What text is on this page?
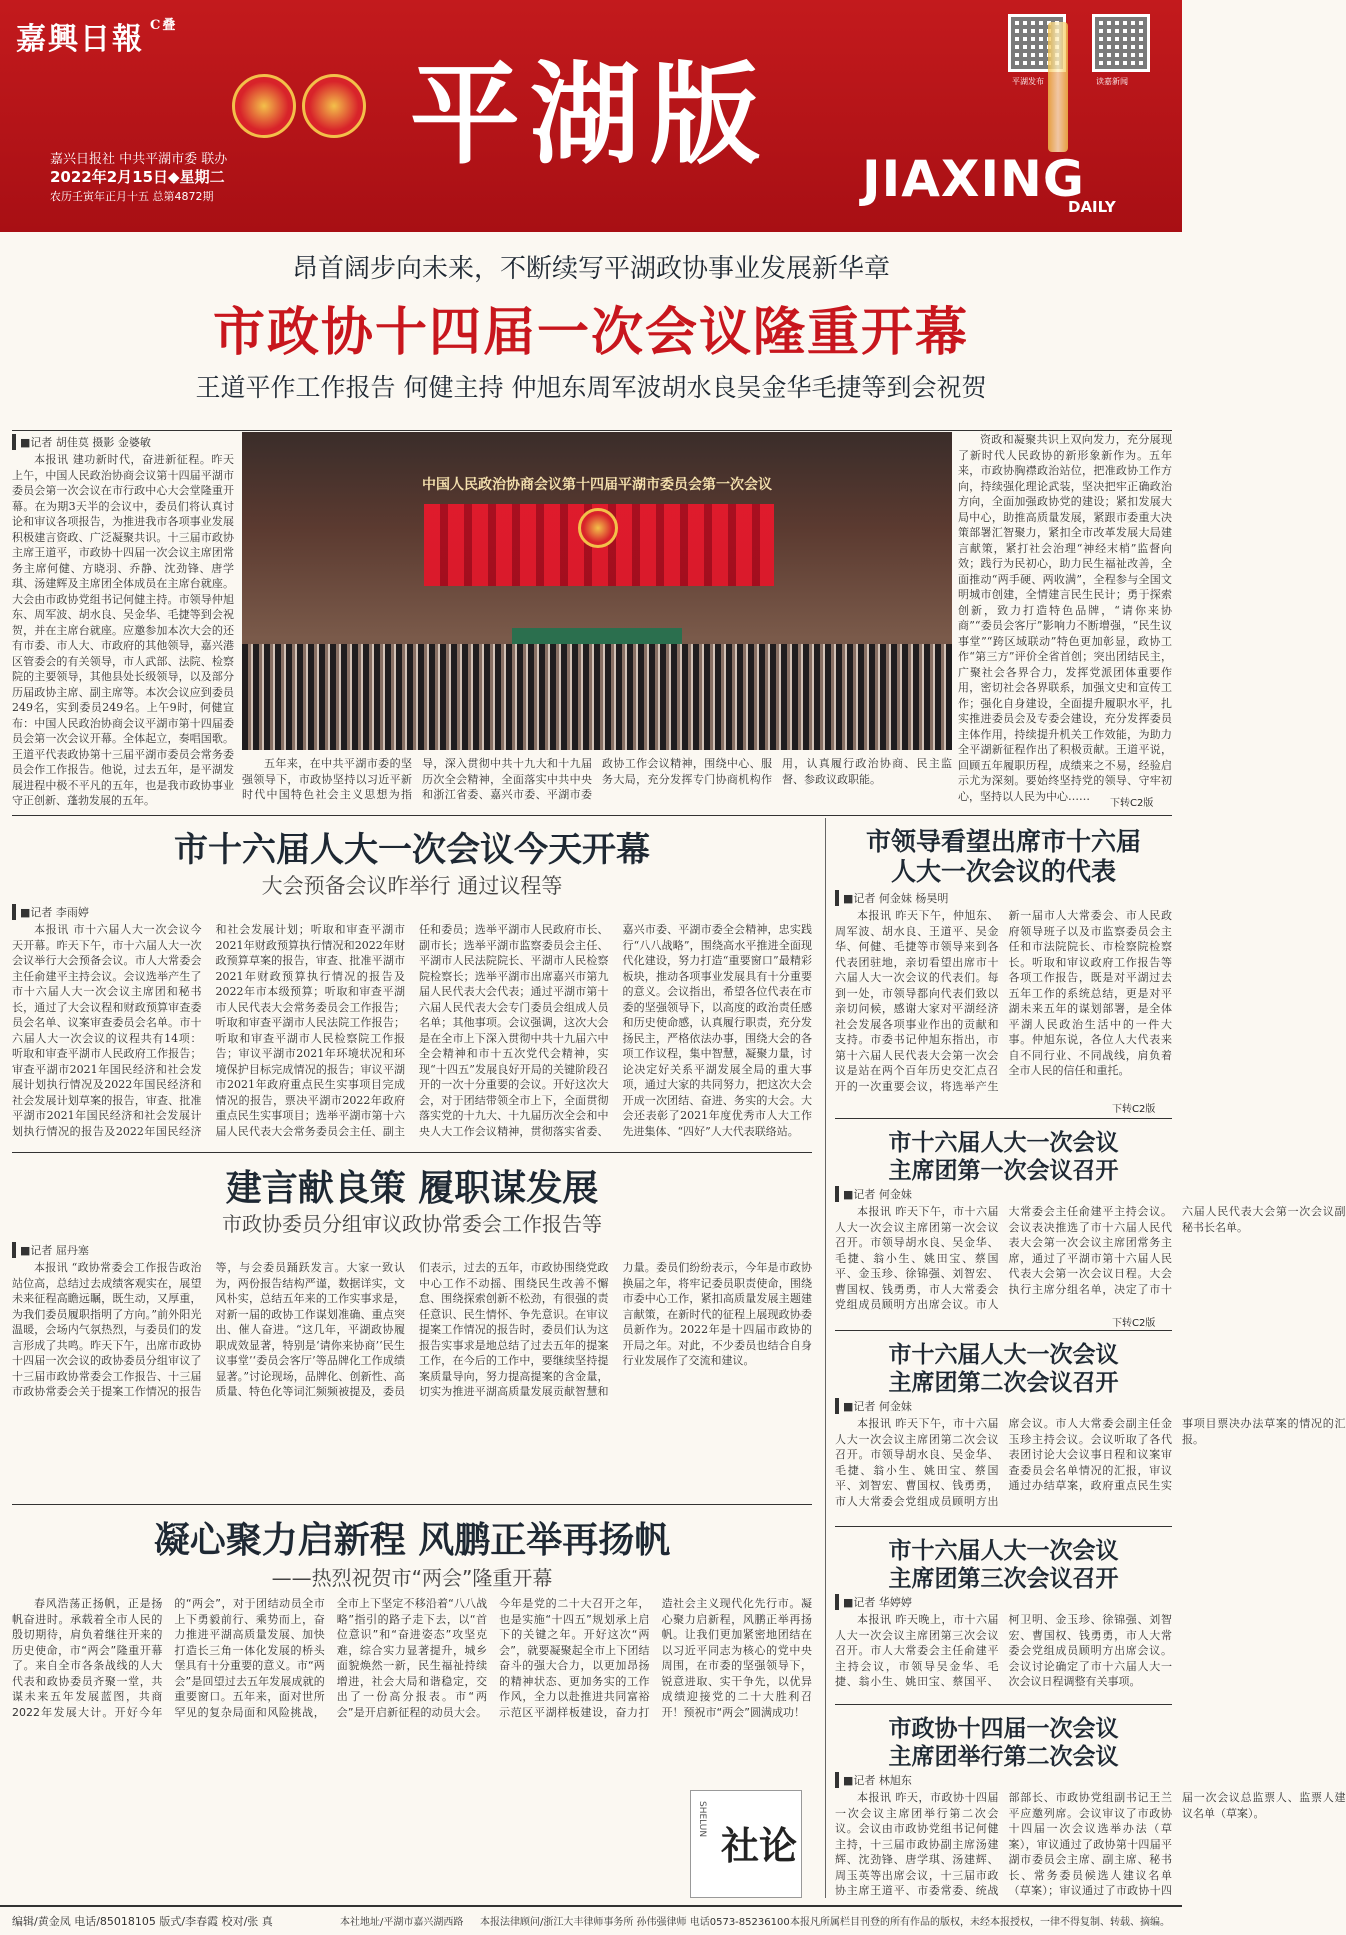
嘉興日報 $^{C叠}$
平湖版
嘉兴日报社 中共平湖市委 联办
2022年2月15日◆星期二
农历壬寅年正月十五 总第4872期
平湖发布	读嘉新闻
JIAXING
DAILY
昂首阔步向未来，不断续写平湖政协事业发展新华章
市政协十四届一次会议隆重开幕
王道平作工作报告 何健主持 仲旭东周军波胡水良吴金华毛捷等到会祝贺
■记者 胡佳莫 摄影 金婆敏
本报讯 建功新时代，奋进新征程。昨天上午，中国人民政治协商会议第十四届平湖市委员会第一次会议在市行政中心大会堂隆重开幕。在为期3天半的会议中，委员们将认真讨论和审议各项报告，为推进我市各项事业发展积极建言资政、广泛凝聚共识。十三届市政协主席王道平，市政协十四届一次会议主席团常务主席何健、方晓羽、乔静、沈劲锋、唐学琪、汤建辉及主席团全体成员在主席台就座。大会由市政协党组书记何健主持。市领导仲旭东、周军波、胡水良、吴金华、毛捷等到会祝贺，并在主席台就座。应邀参加本次大会的还有市委、市人大、市政府的其他领导，嘉兴港区管委会的有关领导，市人武部、法院、检察院的主要领导，其他县处长级领导，以及部分历届政协主席、副主席等。本次会议应到委员249名，实到委员249名。上午9时，何健宣布：中国人民政治协商会议平湖市第十四届委员会第一次会议开幕。全体起立，奏唱国歌。王道平代表政协第十三届平湖市委员会常务委员会作工作报告。他说，过去五年，是平湖发展进程中极不平凡的五年，也是我市政协事业守正创新、蓬勃发展的五年。
中国人民政治协商会议第十四届平湖市委员会第一次会议
五年来，在中共平湖市委的坚强领导下，市政协坚持以习近平新时代中国特色社会主义思想为指导，深入贯彻中共十九大和十九届历次全会精神，全面落实中共中央和浙江省委、嘉兴市委、平湖市委政协工作会议精神，围绕中心、服务大局，充分发挥专门协商机构作用，认真履行政治协商、民主监督、参政议政职能。
资政和凝聚共识上双向发力，充分展现了新时代人民政协的新形象新作为。五年来，市政协胸襟政治站位，把准政协工作方向，持续强化理论武装，坚决把牢正确政治方向，全面加强政协党的建设；紧扣发展大局中心，助推高质量发展，紧跟市委重大决策部署汇智聚力，紧扣全市改革发展大局建言献策，紧打社会治理“神经末梢”监督向效；践行为民初心，助力民生福祉改善，全面推动“两手硬、两收满”，全程参与全国文明城市创建，全情建言民生民计；勇于探索创新，致力打造特色品牌，“请你来协商”“委员会客厅”影响力不断增强，“民生议事堂”“跨区域联动”特色更加彰显，政协工作“第三方”评价全省首创；突出团结民主，广聚社会各界合力，发挥党派团体重要作用，密切社会各界联系，加强文史和宣传工作；强化自身建设，全面提升履职水平，扎实推进委员会及专委会建设，充分发挥委员主体作用，持续提升机关工作效能，为助力全平湖新征程作出了积极贡献。王道平说，回顾五年履职历程，成绩来之不易，经验启示尤为深刻。要始终坚持党的领导、守牢初心，坚持以人民为中心……
下转C2版
市十六届人大一次会议今天开幕
大会预备会议昨举行 通过议程等
■记者 李雨婷
本报讯 市十六届人大一次会议今天开幕。昨天下午，市十六届人大一次会议举行大会预备会议。市人大常委会主任俞建平主持会议。会议选举产生了市十六届人大一次会议主席团和秘书长，通过了大会议程和财政预算审查委员会名单、议案审查委员会名单。市十六届人大一次会议的议程共有14项：听取和审查平湖市人民政府工作报告；审查平湖市2021年国民经济和社会发展计划执行情况及2022年国民经济和社会发展计划草案的报告，审查、批准平湖市2021年国民经济和社会发展计划执行情况的报告及2022年国民经济和社会发展计划；听取和审查平湖市2021年财政预算执行情况和2022年财政预算草案的报告，审查、批准平湖市2021年财政预算执行情况的报告及2022年市本级预算；听取和审查平湖市人民代表大会常务委员会工作报告；听取和审查平湖市人民法院工作报告；听取和审查平湖市人民检察院工作报告；审议平湖市2021年环境状况和环境保护目标完成情况的报告；审议平湖市2021年政府重点民生实事项目完成情况的报告，票决平湖市2022年政府重点民生实事项目；选举平湖市第十六届人民代表大会常务委员会主任、副主任和委员；选举平湖市人民政府市长、副市长；选举平湖市监察委员会主任、平湖市人民法院院长、平湖市人民检察院检察长；选举平湖市出席嘉兴市第九届人民代表大会代表；通过平湖市第十六届人民代表大会专门委员会组成人员名单；其他事项。会议强调，这次大会是在全市上下深入贯彻中共十九届六中全会精神和市十五次党代会精神，实现“十四五”发展良好开局的关键阶段召开的一次十分重要的会议。开好这次大会，对于团结带领全市上下，全面贯彻落实党的十九大、十九届历次全会和中央人大工作会议精神，贯彻落实省委、嘉兴市委、平湖市委全会精神，忠实践行“八八战略”，围绕高水平推进全面现代化建设，努力打造“重要窗口”最精彩板块，推动各项事业发展具有十分重要的意义。会议指出，希望各位代表在市委的坚强领导下，以高度的政治责任感和历史使命感，认真履行职责，充分发扬民主，严格依法办事，围绕大会的各项工作议程，集中智慧，凝聚力量，讨论决定好关系平湖发展全局的重大事项，通过大家的共同努力，把这次大会开成一次团结、奋进、务实的大会。大会还表彰了2021年度优秀市人大工作先进集体、“四好”人大代表联络站。
市领导看望出席市十六届
人大一次会议的代表
■记者 何金妹 杨昊明
本报讯 昨天下午，仲旭东、周军波、胡水良、王道平、吴金华、何健、毛捷等市领导来到各代表团驻地，亲切看望出席市十六届人大一次会议的代表们。每到一处，市领导都向代表们致以亲切问候，感谢大家对平湖经济社会发展各项事业作出的贡献和支持。市委书记仲旭东指出，市第十六届人民代表大会第一次会议是站在两个百年历史交汇点召开的一次重要会议，将选举产生新一届市人大常委会、市人民政府领导班子以及市监察委员会主任和市法院院长、市检察院检察长。听取和审议政府工作报告等各项工作报告，既是对平湖过去五年工作的系统总结，更是对平湖未来五年的谋划部署，是全体平湖人民政治生活中的一件大事。仲旭东说，各位人大代表来自不同行业、不同战线，肩负着全市人民的信任和重托。
下转C2版
市十六届人大一次会议
主席团第一次会议召开
■记者 何金妹
本报讯 昨天下午，市十六届人大一次会议主席团第一次会议召开。市领导胡水良、吴金华、毛捷、翁小生、姚田宝、蔡国平、金玉珍、徐锦强、刘智宏、曹国权、钱勇勇，市人大常委会党组成员顾明方出席会议。市人大常委会主任俞建平主持会议。会议表决推选了市十六届人民代表大会第一次会议主席团常务主席，通过了平湖市第十六届人民代表大会第一次会议日程。大会执行主席分组名单，决定了市十六届人民代表大会第一次会议副秘书长名单。
下转C2版
市十六届人大一次会议
主席团第二次会议召开
■记者 何金妹
本报讯 昨天下午，市十六届人大一次会议主席团第二次会议召开。市领导胡水良、吴金华、毛捷、翁小生、姚田宝、蔡国平、刘智宏、曹国权、钱勇勇，市人大常委会党组成员顾明方出席会议。市人大常委会副主任金玉珍主持会议。会议听取了各代表团讨论大会议事日程和议案审查委员会名单情况的汇报，审议通过办结草案，政府重点民生实事项目票决办法草案的情况的汇报。
市十六届人大一次会议
主席团第三次会议召开
■记者 华婷婷
本报讯 昨天晚上，市十六届人大一次会议主席团第三次会议召开。市人大常委会主任俞建平主持会议，市领导吴金华、毛捷、翁小生、姚田宝、蔡国平、柯卫明、金玉珍、徐锦强、刘智宏、曹国权、钱勇勇，市人大常委会党组成员顾明方出席会议。会议讨论确定了市十六届人大一次会议日程调整有关事项。
市政协十四届一次会议
主席团举行第二次会议
■记者 林旭东
本报讯 昨天，市政协十四届一次会议主席团举行第二次会议。会议由市政协党组书记何健主持，十三届市政协副主席汤建辉、沈劲锋、唐学琪、汤建辉、周玉英等出席会议，十三届市政协主席王道平、市委常委、统战部部长、市政协党组副书记王兰平应邀列席。会议审议了市政协十四届一次会议选举办法（草案），审议通过了政协第十四届平湖市委员会主席、副主席、秘书长、常务委员候选人建议名单（草案）；审议通过了市政协十四届一次会议总监票人、监票人建议名单（草案）。
建言献良策 履职谋发展
市政协委员分组审议政协常委会工作报告等
■记者 屈丹塞
本报讯 “政协常委会工作报告政治站位高，总结过去成绩客观实在，展望未来征程高瞻远瞩，既生动，又厚重，为我们委员履职指明了方向。”前外阳光温暖，会场内气氛热烈，与委员们的发言形成了共鸣。昨天下午，出席市政协十四届一次会议的政协委员分组审议了十三届市政协常委会工作报告、十三届市政协常委会关于提案工作情况的报告等，与会委员踊跃发言。大家一致认为，两份报告结构严谨，数据详实，文风朴实，总结五年来的工作实事求是，对新一届的政协工作谋划准确、重点突出、催人奋进。“这几年，平湖政协履职成效显著，特别是‘请你来协商’‘民生议事堂’‘委员会客厅’等品牌化工作成绩显著。”讨论现场，品牌化、创新性、高质量、特色化等词汇频频被提及，委员们表示，过去的五年，市政协围绕党政中心工作不动摇、围绕民生改善不懈怠、围绕探索创新不松劲，有很强的责任意识、民生情怀、争先意识。在审议提案工作情况的报告时，委员们认为这报告实事求是地总结了过去五年的提案工作，在今后的工作中，要继续坚持提案质量导向，努力提高提案的含金量，切实为推进平湖高质量发展贡献智慧和力量。委员们纷纷表示，今年是市政协换届之年，将牢记委员职责使命，围绕市委中心工作，紧扣高质量发展主题建言献策，在新时代的征程上展现政协委员新作为。2022年是十四届市政协的开局之年。对此，不少委员也结合自身行业发展作了交流和建议。
凝心聚力启新程 风鹏正举再扬帆
——热烈祝贺市“两会”隆重开幕
春风浩荡正扬帆，正是扬帆奋进时。承载着全市人民的殷切期待，肩负着继往开来的历史使命，市“两会”隆重开幕了。来自全市各条战线的人大代表和政协委员齐聚一堂，共谋未来五年发展蓝图，共商2022年发展大计。开好今年的“两会”，对于团结动员全市上下勇毅前行、乘势而上，奋力推进平湖高质量发展、加快打造长三角一体化发展的桥头堡具有十分重要的意义。市“两会”是回望过去五年发展成就的重要窗口。五年来，面对世所罕见的复杂局面和风险挑战，全市上下坚定不移沿着“八八战略”指引的路子走下去，以“首位意识”和“奋进姿态”攻坚克难，综合实力显著提升，城乡面貌焕然一新，民生福祉持续增进，社会大局和谐稳定，交出了一份高分报表。市“两会”是开启新征程的动员大会。今年是党的二十大召开之年，也是实施“十四五”规划承上启下的关键之年。开好这次“两会”，就要凝聚起全市上下团结奋斗的强大合力，以更加昂扬的精神状态、更加务实的工作作风，全力以赴推进共同富裕示范区平湖样板建设，奋力打造社会主义现代化先行市。凝心聚力启新程，风鹏正举再扬帆。让我们更加紧密地团结在以习近平同志为核心的党中央周围，在市委的坚强领导下，锐意进取、实干争先，以优异成绩迎接党的二十大胜利召开！预祝市“两会”圆满成功！
SHELUN
社论
编辑/黄金凤 电话/85018105 版式/李春霞 校对/张 真	本社地址/平湖市嘉兴湖西路 本报法律顾问/浙江大丰律师事务所 孙伟强律师 电话0573-85236100 本报凡所属栏目刊登的所有作品的版权，未经本报授权，一律不得复制、转载、摘编。
